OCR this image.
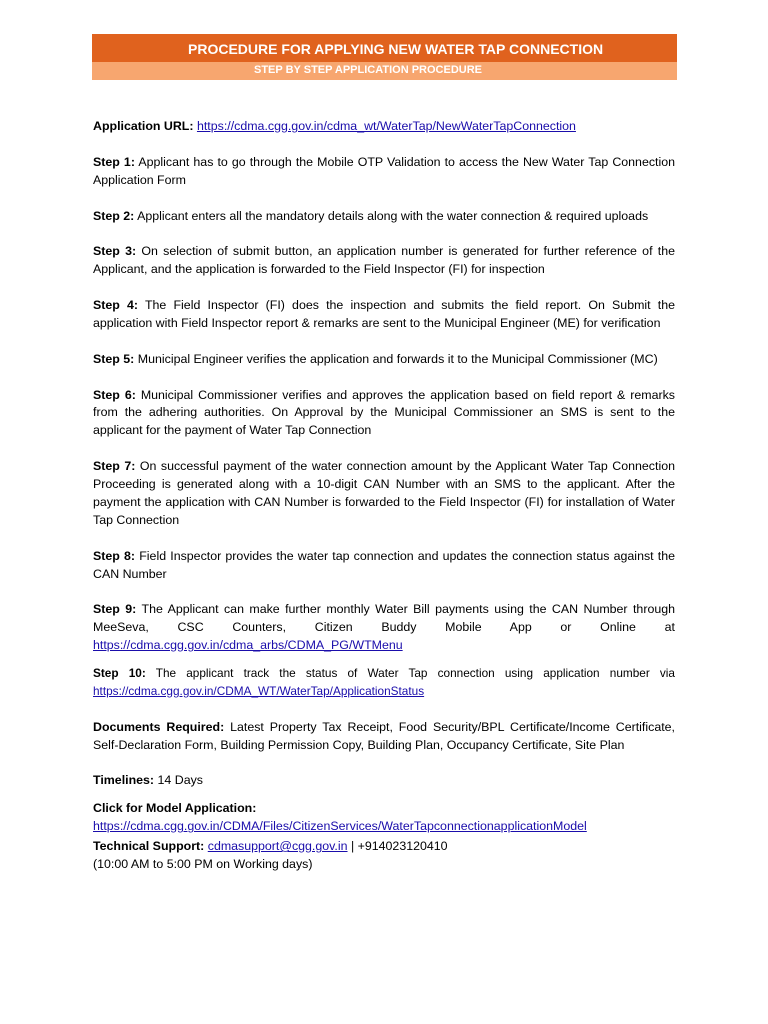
PROCEDURE FOR APPLYING NEW WATER TAP CONNECTION
STEP BY STEP APPLICATION PROCEDURE

Application URL: https://cdma.cgg.gov.in/cdma_wt/WaterTap/NewWaterTapConnection

Step 1: Applicant has to go through the Mobile OTP Validation to access the New Water Tap Connection Application Form

Step 2: Applicant enters all the mandatory details along with the water connection & required uploads

Step 3: On selection of submit button, an application number is generated for further reference of the Applicant, and the application is forwarded to the Field Inspector (FI) for inspection

Step 4: The Field Inspector (FI) does the inspection and submits the field report. On Submit the application with Field Inspector report & remarks are sent to the Municipal Engineer (ME) for verification

Step 5: Municipal Engineer verifies the application and forwards it to the Municipal Commissioner (MC)

Step 6: Municipal Commissioner verifies and approves the application based on field report & remarks from the adhering authorities. On Approval by the Municipal Commissioner an SMS is sent to the applicant for the payment of Water Tap Connection

Step 7: On successful payment of the water connection amount by the Applicant Water Tap Connection Proceeding is generated along with a 10-digit CAN Number with an SMS to the applicant. After the payment the application with CAN Number is forwarded to the Field Inspector (FI) for installation of Water Tap Connection

Step 8: Field Inspector provides the water tap connection and updates the connection status against the CAN Number

Step 9: The Applicant can make further monthly Water Bill payments using the CAN Number through MeeSeva, CSC Counters, Citizen Buddy Mobile App or Online at https://cdma.cgg.gov.in/cdma_arbs/CDMA_PG/WTMenu

Step 10: The applicant track the status of Water Tap connection using application number via https://cdma.cgg.gov.in/CDMA_WT/WaterTap/ApplicationStatus

Documents Required: Latest Property Tax Receipt, Food Security/BPL Certificate/Income Certificate, Self-Declaration Form, Building Permission Copy, Building Plan, Occupancy Certificate, Site Plan

Timelines: 14 Days

Click for Model Application:
https://cdma.cgg.gov.in/CDMA/Files/CitizenServices/WaterTapconnectionapplicationModel

Technical Support: cdmasupport@cgg.gov.in | +914023120410
(10:00 AM to 5:00 PM on Working days)
